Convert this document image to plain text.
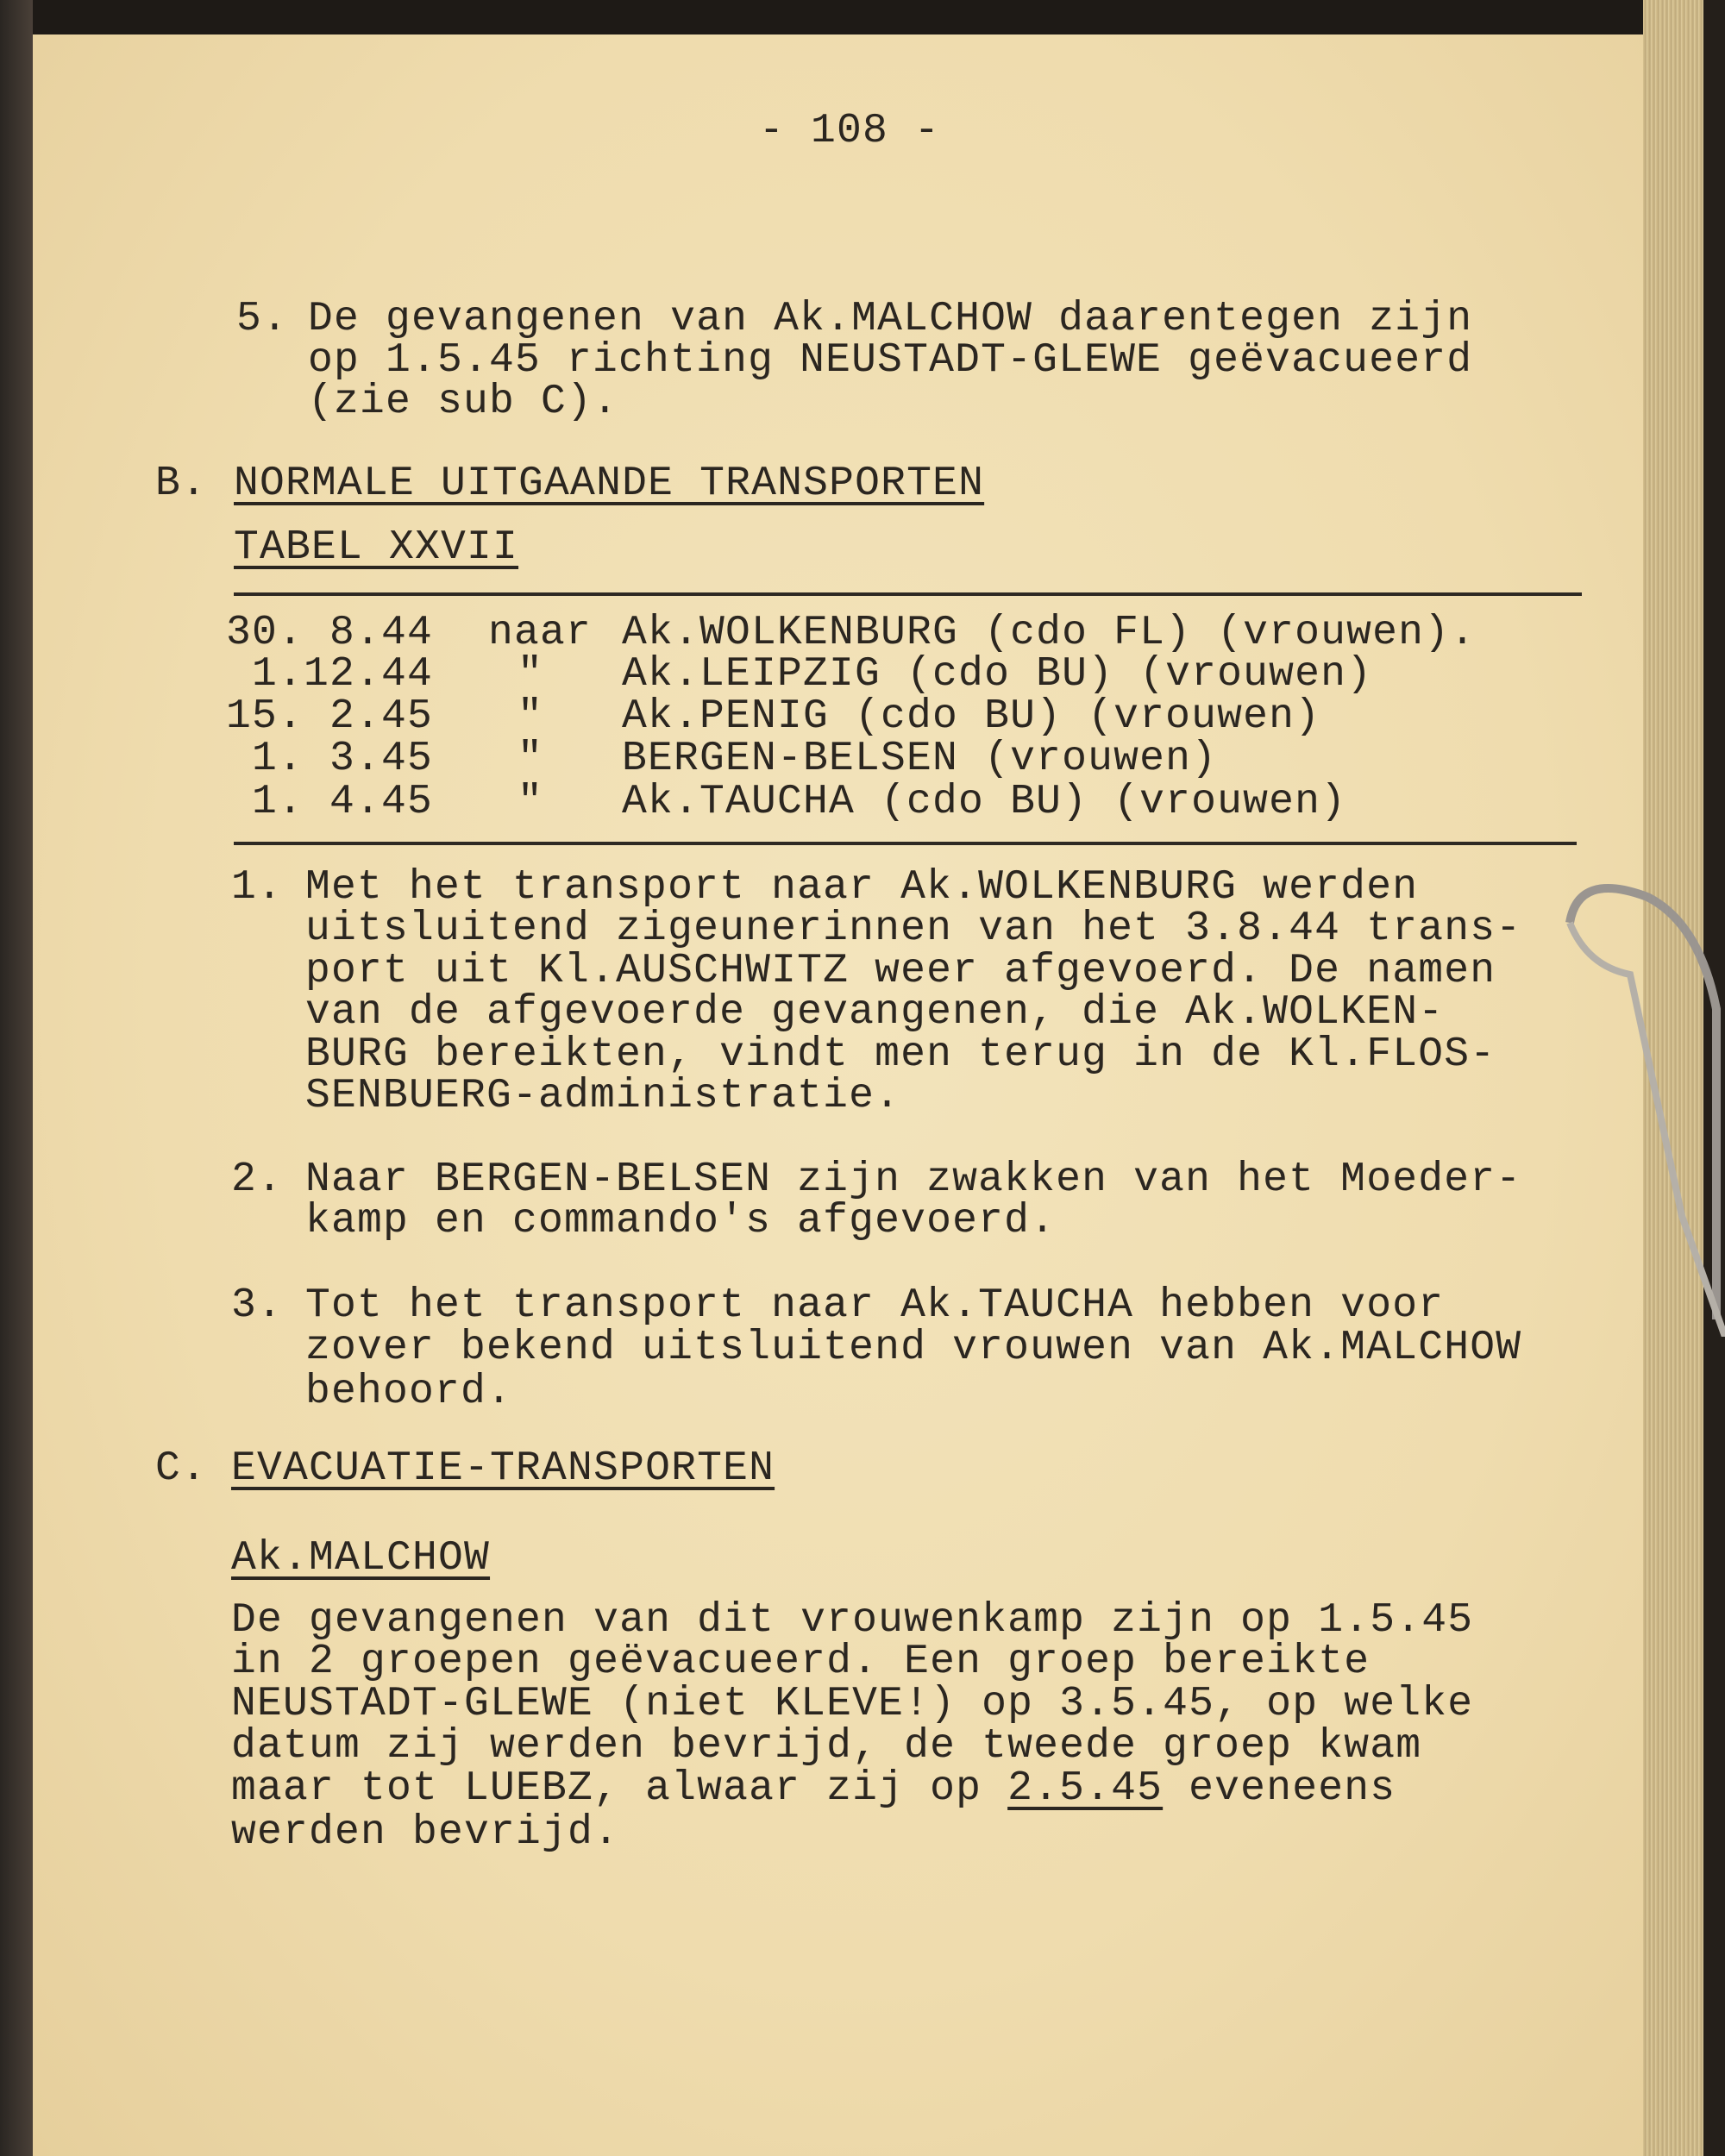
- 108 -
5. De gevangenen van Ak.MALCHOW daarentegen zijn
op 1.5.45 richting NEUSTADT-GLEWE geëvacueerd
(zie sub C).
B. NORMALE UITGAANDE TRANSPORTEN
TABEL XXVII
30. 8.44 naar Ak.WOLKENBURG (cdo FL) (vrouwen).
1.12.44 " Ak.LEIPZIG (cdo BU) (vrouwen)
15. 2.45 " Ak.PENIG (cdo BU) (vrouwen)
1. 3.45 " BERGEN-BELSEN (vrouwen)
1. 4.45 " Ak.TAUCHA (cdo BU) (vrouwen)
1. Met het transport naar Ak.WOLKENBURG werden
uitsluitend zigeunerinnen van het 3.8.44 trans-
port uit Kl.AUSCHWITZ weer afgevoerd. De namen
van de afgevoerde gevangenen, die Ak.WOLKEN-
BURG bereikten, vindt men terug in de Kl.FLOS-
SENBUERG-administratie.
2. Naar BERGEN-BELSEN zijn zwakken van het Moeder-
kamp en commando's afgevoerd.
3. Tot het transport naar Ak.TAUCHA hebben voor
zover bekend uitsluitend vrouwen van Ak.MALCHOW
behoord.
C. EVACUATIE-TRANSPORTEN
Ak.MALCHOW
De gevangenen van dit vrouwenkamp zijn op 1.5.45
in 2 groepen geëvacueerd. Een groep bereikte
NEUSTADT-GLEWE (niet KLEVE!) op 3.5.45, op welke
datum zij werden bevrijd, de tweede groep kwam
maar tot LUEBZ, alwaar zij op 2.5.45 eveneens
werden bevrijd.
